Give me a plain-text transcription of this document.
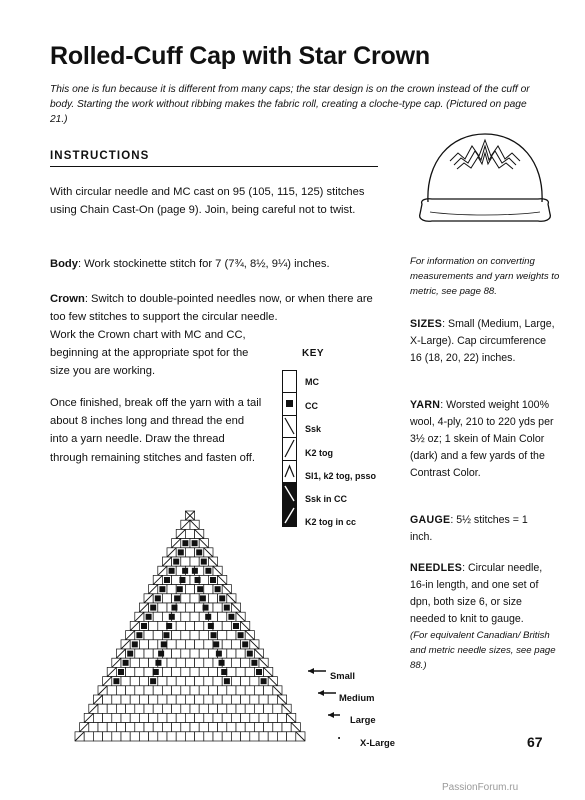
Rolled-Cuff Cap with Star Crown
This one is fun because it is different from many caps; the star design is on the crown instead of the cuff or body. Starting the work without ribbing makes the fabric roll, creating a cloche-type cap. (Pictured on page 21.)
INSTRUCTIONS
With circular needle and MC cast on 95 (105, 115, 125) stitches using Chain Cast-On (page 9). Join, being careful not to twist.
Body: Work stockinette stitch for 7 (7¾, 8½, 9¼) inches.
Crown: Switch to double-pointed needles now, or when there are too few stitches to support the circular needle.
Work the Crown chart with MC and CC, beginning at the appropriate spot for the size you are working.
Once finished, break off the yarn with a tail about 8 inches long and thread the end into a yarn needle. Draw the thread through remaining stitches and fasten off.
KEY
MC
CC
Ssk
K2 tog
Sl1, k2 tog, psso
Ssk in CC
K2 tog in cc
Small
Medium
Large
X-Large
For information on converting measurements and yarn weights to metric, see page 88.
SIZES: Small (Medium, Large, X-Large). Cap circumference 16 (18, 20, 22) inches.
YARN: Worsted weight 100% wool, 4-ply, 210 to 220 yds per 3½ oz; 1 skein of Main Color (dark) and a few yards of the Contrast Color.
GAUGE: 5½ stitches = 1 inch.
NEEDLES: Circular needle, 16-in length, and one set of dpn, both size 6, or size needed to knit to gauge.
(For equivalent Canadian/ British and metric needle sizes, see page 88.)
67
PassionForum.ru
